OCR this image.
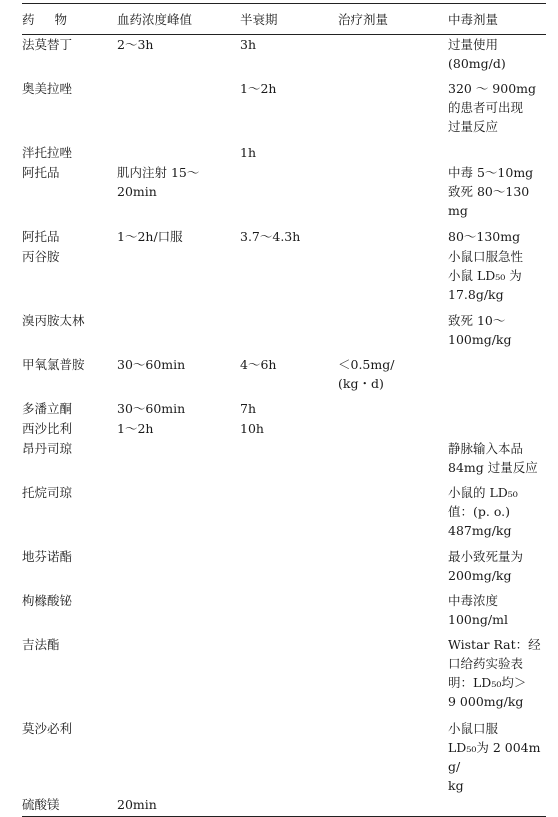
药物	血药浓度峰值	半衰期	治疗剂量	中毒剂量
法莫替丁	2～3h	3h		过量使用
(80mg/d)
奥美拉唑		1～2h		320 ～ 900mg
的患者可出现
过量反应
泮托拉唑		1h		
阿托品	肌内注射 15～
20min			中毒 5～10mg
致死 80～130
mg
阿托品	1～2h/口服	3.7～4.3h		80～130mg
丙谷胺				小鼠口服急性
小鼠 LD₅₀ 为
17.8g/kg
溴丙胺太林				致死 10～
100mg/kg
甲氧氯普胺	30～60min	4～6h	＜0.5mg/
(kg・d)	
多潘立酮	30～60min	7h		
西沙比利	1～2h	10h		
昂丹司琼				静脉输入本品
84mg 过量反应
托烷司琼				小鼠的 LD₅₀
值：(p. o.)
487mg/kg
地芬诺酯				最小致死量为
200mg/kg
枸橼酸铋				中毒浓度
100ng/ml
吉法酯				Wistar Rat：经
口给药实验表
明：LD₅₀均＞
9 000mg/kg
莫沙必利				小鼠口服
LD₅₀为 2 004mg/
kg
硫酸镁	20min			
